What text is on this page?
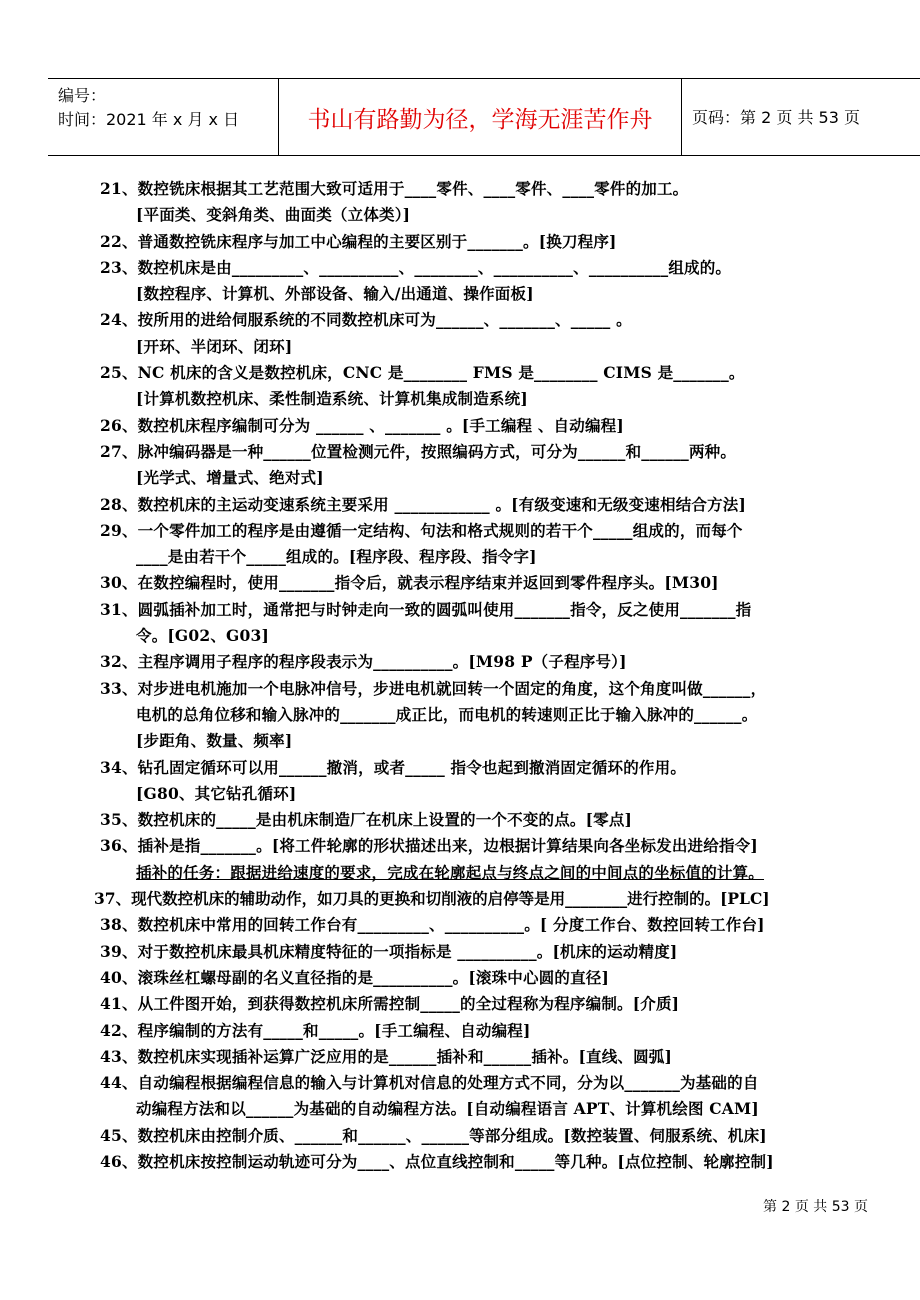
编号：
时间：2021 年 x 月 x 日	书山有路勤为径，学海无涯苦作舟	页码：第 2 页 共 53 页
21、数控铣床根据其工艺范围大致可适用于____零件、____零件、____零件的加工。
[平面类、变斜角类、曲面类（立体类）]
22、普通数控铣床程序与加工中心编程的主要区别于_______。[换刀程序]
23、数控机床是由_________、__________、________、__________、__________组成的。
[数控程序、计算机、外部设备、输入/出通道、操作面板]
24、按所用的进给伺服系统的不同数控机床可为______、_______、_____ 。
[开环、半闭环、闭环]
25、NC 机床的含义是数控机床，CNC 是________ FMS 是________ CIMS 是_______。
[计算机数控机床、柔性制造系统、计算机集成制造系统]
26、数控机床程序编制可分为 ______ 、_______ 。[手工编程 、自动编程]
27、脉冲编码器是一种______位置检测元件，按照编码方式，可分为______和______两种。
[光学式、增量式、绝对式]
28、数控机床的主运动变速系统主要采用 ____________ 。[有级变速和无级变速相结合方法]
29、一个零件加工的程序是由遵循一定结构、句法和格式规则的若干个_____组成的，而每个
____是由若干个_____组成的。[程序段、程序段、指令字]
30、在数控编程时，使用_______指令后，就表示程序结束并返回到零件程序头。[M30]
31、圆弧插补加工时，通常把与时钟走向一致的圆弧叫使用_______指令，反之使用_______指
令。[G02、G03]
32、主程序调用子程序的程序段表示为__________。[M98 P（子程序号）]
33、对步进电机施加一个电脉冲信号，步进电机就回转一个固定的角度，这个角度叫做______，
电机的总角位移和输入脉冲的_______成正比，而电机的转速则正比于输入脉冲的______。
[步距角、数量、频率]
34、钻孔固定循环可以用______撤消，或者_____ 指令也起到撤消固定循环的作用。
[G80、其它钻孔循环]
35、数控机床的_____是由机床制造厂在机床上设置的一个不变的点。[零点]
36、插补是指_______。[将工件轮廓的形状描述出来，边根据计算结果向各坐标发出进给指令]
插补的任务：跟据进给速度的要求，完成在轮廓起点与终点之间的中间点的坐标值的计算。
37、现代数控机床的辅助动作，如刀具的更换和切削液的启停等是用________进行控制的。[PLC]
38、数控机床中常用的回转工作台有_________、__________。[ 分度工作台、数控回转工作台]
39、对于数控机床最具机床精度特征的一项指标是 __________。[机床的运动精度]
40、滚珠丝杠螺母副的名义直径指的是__________。[滚珠中心圆的直径]
41、从工件图开始，到获得数控机床所需控制_____的全过程称为程序编制。[介质]
42、程序编制的方法有_____和_____。[手工编程、自动编程]
43、数控机床实现插补运算广泛应用的是______插补和______插补。[直线、圆弧]
44、自动编程根据编程信息的输入与计算机对信息的处理方式不同，分为以_______为基础的自
动编程方法和以______为基础的自动编程方法。[自动编程语言 APT、计算机绘图 CAM]
45、数控机床由控制介质、______和______、______等部分组成。[数控装置、伺服系统、机床]
46、数控机床按控制运动轨迹可分为____、点位直线控制和_____等几种。[点位控制、轮廓控制]
第 2 页 共 53 页
